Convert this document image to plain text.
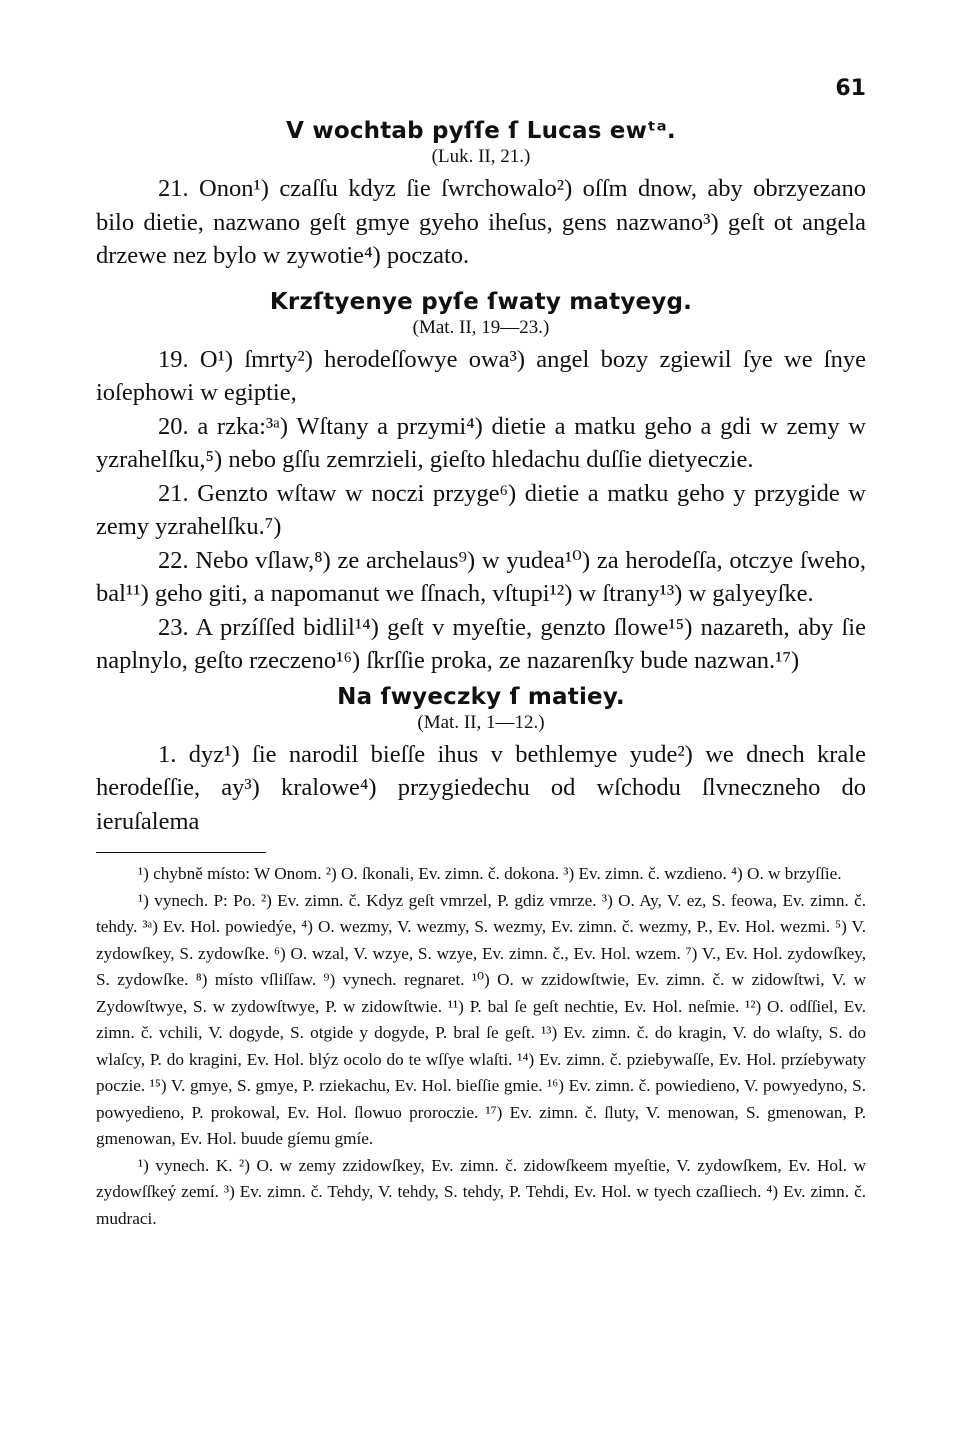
61
V wochtab pyſſe ſ Lucas ewᵗᵃ.
(Luk. II, 21.)

21. Onon¹) czaſſu kdyz ſie ſwrchowalo²) oſſm dnow, aby obrzyezano bilo dietie, nazwano geſt gmye gyeho iheſus, gens nazwano³) geſt ot angela drzewe nez bylo w zywotie⁴) poczato.

Krzſtyenye pyſe ſwaty matyeyg.
(Mat. II, 19—23.)

19. O¹) ſmrty²) herodeſſowye owa³) angel bozy zgiewil ſye we ſnye ioſephowi w egiptie,

20. a rzka:³ᵃ) Wſtany a przymi⁴) dietie a matku geho a gdi w zemy w yzrahelſku,⁵) nebo gſſu zemrzieli, gieſto hledachu duſſie dietyeczie.

21. Genzto wſtaw w noczi przyge⁶) dietie a matku geho y przygide w zemy yzrahelſku.⁷)

22. Nebo vſlaw,⁸) ze archelaus⁹) w yudea¹⁰) za herodeſſa, otczye ſweho, bal¹¹) geho giti, a napomanut we ſſnach, vſtupi¹²) w ſtrany¹³) w galyeyſke.

23. A przíſſed bidlil¹⁴) geſt v myeſtie, genzto ſlowe¹⁵) nazareth, aby ſie naplnylo, geſto rzeczeno¹⁶) ſkrſſie proka, ze nazarenſky bude nazwan.¹⁷)

Na ſwyeczky ſ matiey.
(Mat. II, 1—12.)

1. dyz¹) ſie narodil bieſſe ihus v bethlemye yude²) we dnech krale herodeſſie, ay³) kralowe⁴) przygiedechu od wſchodu ſlvneczneho do ieruſalema

¹) chybně místo: W Onom. ²) O. ſkonali, Ev. zimn. č. dokona. ³) Ev. zimn. č. wzdieno. ⁴) O. w brzyſſie.

¹) vynech. P: Po. ²) Ev. zimn. č. Kdyz geſt vmrzel, P. gdiz vmrze. ³) O. Ay, V. ez, S. feowa, Ev. zimn. č. tehdy. ³ᵃ) Ev. Hol. powiedýe, ⁴) O. wezmy, V. wezmy, S. wezmy, Ev. zimn. č. wezmy, P., Ev. Hol. wezmi. ⁵) V. zydowſkey, S. zydowſke. ⁶) O. wzal, V. wzye, S. wzye, Ev. zimn. č., Ev. Hol. wzem. ⁷) V., Ev. Hol. zydowſkey, S. zydowſke. ⁸) místo vſliſſaw. ⁹) vynech. regnaret. ¹⁰) O. w zzidowſtwie, Ev. zimn. č. w zidowſtwi, V. w Zydowſtwye, S. w zydowſtwye, P. w zidowſtwie. ¹¹) P. bal ſe geſt nechtie, Ev. Hol. neſmie. ¹²) O. odſſiel, Ev. zimn. č. vchili, V. dogyde, S. otgide y dogyde, P. bral ſe geſt. ¹³) Ev. zimn. č. do kragin, V. do wlaſty, S. do wlaſcy, P. do kragini, Ev. Hol. blýz ocolo do te wſſye wlaſti. ¹⁴) Ev. zimn. č. pziebywaſſe, Ev. Hol. przíebywaty poczie. ¹⁵) V. gmye, S. gmye, P. rziekachu, Ev. Hol. bieſſie gmie. ¹⁶) Ev. zimn. č. powiedieno, V. powyedyno, S. powyedieno, P. prokowal, Ev. Hol. ſlowuo proroczie. ¹⁷) Ev. zimn. č. ſluty, V. menowan, S. gmenowan, P. gmenowan, Ev. Hol. buude gíemu gmíe.

¹) vynech. K. ²) O. w zemy zzidowſkey, Ev. zimn. č. zidowſkeem myeſtie, V. zydowſkem, Ev. Hol. w zydowſſkeý zemí. ³) Ev. zimn. č. Tehdy, V. tehdy, S. tehdy, P. Tehdi, Ev. Hol. w tyech czaſliech. ⁴) Ev. zimn. č. mudraci.
